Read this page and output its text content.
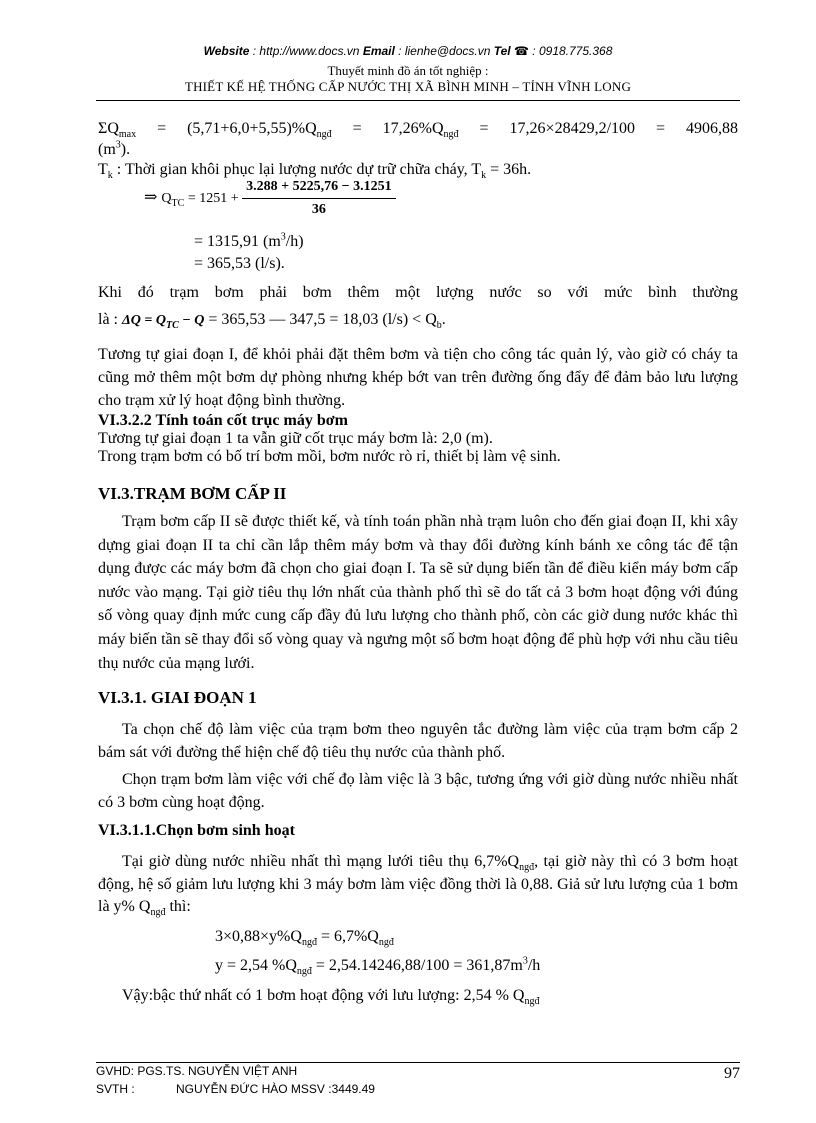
Website : http://www.docs.vn Email : lienhe@docs.vn Tel ☎ : 0918.775.368
Thuyết minh đồ án tốt nghiệp :
THIẾT KẾ HỆ THỐNG CẤP NƯỚC THỊ XÃ BÌNH MINH – TỈNH VĨNH LONG
$\Sigma Q_{max} = (5,71+6,0+5,55)\%Q_{ngđ} = 17,26\%Q_{ngđ} = 17,26\times 28429,2/100 = 4906,88$
$(m^3)$.
$T_k$ : Thời gian khôi phục lại lượng nước dự trữ chữa cháy, $T_k = 36h$.
⇒ $Q_{TC} = 1251 + \frac{3.288 + 5225,76 - 3.1251}{36}$
= 1315,91 $(m^3/h)$
= 365,53 (l/s).
Khi đó trạm bơm phải bơm thêm một lượng nước so với mức bình thường
là : $\Delta Q = Q_{TC} - Q = 365,53$ — 347,5 = 18,03 $(l/s) < Q_b$.
Tương tự giai đoạn I, để khỏi phải đặt thêm bơm và tiện cho công tác quản lý, vào giờ có cháy ta cũng mở thêm một bơm dự phòng nhưng khép bớt van trên đường ống đẩy để đảm bảo lưu lượng cho trạm xử lý hoạt động bình thường.
VI.3.2.2 Tính toán cốt trục máy bơm
Tương tự giai đoạn 1 ta vẫn giữ cốt trục máy bơm là: 2,0 (m).
Trong trạm bơm có bố trí bơm mồi, bơm nước rò rỉ, thiết bị làm vệ sinh.
VI.3.TRẠM BƠM CẤP II
Trạm bơm cấp II sẽ được thiết kế, và tính toán phần nhà trạm luôn cho đến giai đoạn II, khi xây dựng giai đoạn II ta chỉ cần lắp thêm máy bơm và thay đổi đường kính bánh xe công tác để tận dụng được các máy bơm đã chọn cho giai đoạn I. Ta sẽ sử dụng biến tần để điều kiển máy bơm cấp nước vào mạng. Tại giờ tiêu thụ lớn nhất của thành phố thì sẽ do tất cả 3 bơm hoạt động với đúng số vòng quay định mức cung cấp đầy đủ lưu lượng cho thành phố, còn các giờ dung nước khác thì máy biến tần sẽ thay đổi số vòng quay và ngưng một số bơm hoạt động để phù hợp với nhu cầu tiêu thụ nước của mạng lưới.
VI.3.1. GIAI ĐOẠN 1
Ta chọn chế độ làm việc của trạm bơm theo nguyên tắc đường làm việc của trạm bơm cấp 2 bám sát với đường thể hiện chế độ tiêu thụ nước của thành phố.
Chọn trạm bơm làm việc với chế đọ làm việc là 3 bậc, tương ứng với giờ dùng nước nhiều nhất có 3 bơm cùng hoạt động.
VI.3.1.1.Chọn bơm sinh hoạt
Tại giờ dùng nước nhiều nhất thì mạng lưới tiêu thụ $6,7\%Q_{ngđ}$, tại giờ này thì có 3 bơm hoạt động, hệ số giảm lưu lượng khi 3 máy bơm làm việc đồng thời là 0,88. Giả sử lưu lượng của 1 bơm là y% $Q_{ngđ}$ thì:
$3\times 0,88\times y\%Q_{ngđ} = 6,7\%Q_{ngđ}$
y = 2,54 $\%Q_{ngđ} = 2,54.14246,88/100 = 361,87m^3/h$
Vậy:bậc thứ nhất có 1 bơm hoạt động với lưu lượng: 2,54 % $Q_{ngđ}$
GVHD: PGS.TS. NGUYỄN VIỆT ANH
SVTH :	NGUYỄN ĐỨC HÀO MSSV :3449.49
97
